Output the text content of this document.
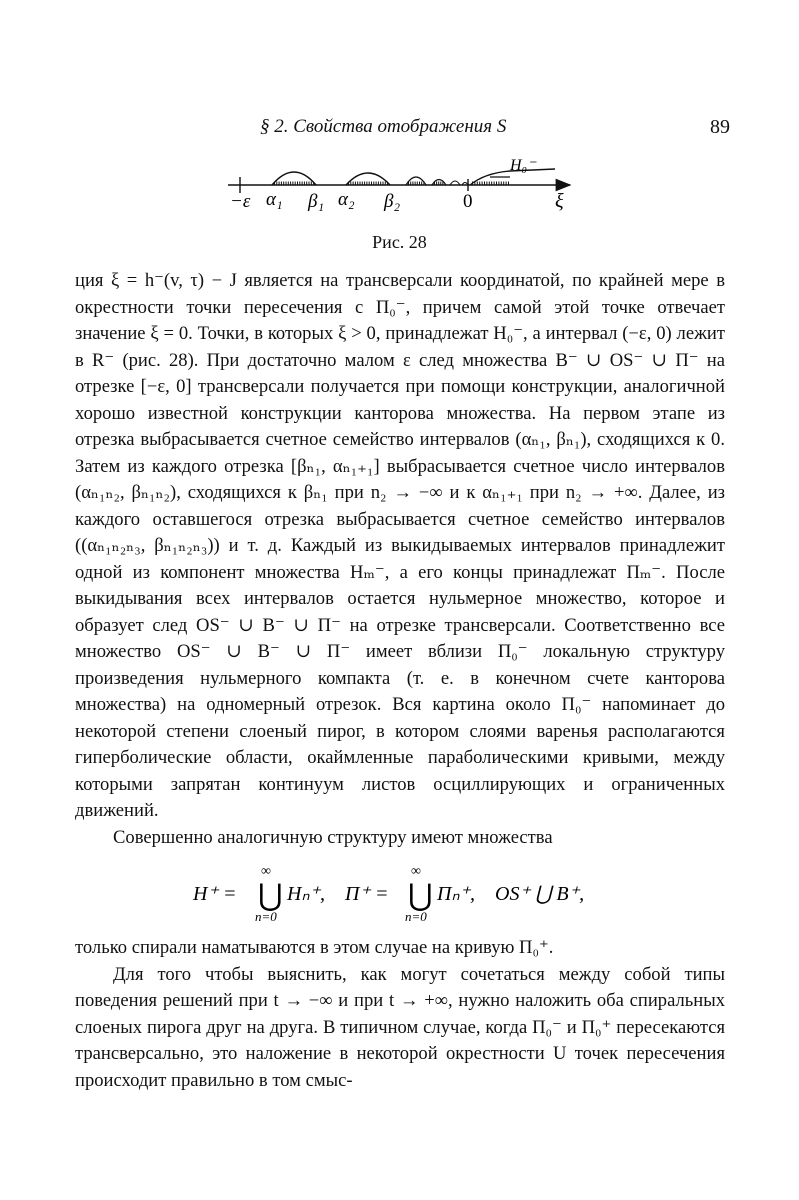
§ 2. Свойства отображения S	89
−ε α₁ β₁ α₂ β₂	0	ξ
H₀⁻
Рис. 28

ция ξ = h⁻(v, τ) − J является на трансверсали координатой, по крайней мере в окрестности точки пересечения с Π₀⁻, причем самой этой точке отвечает значение ξ = 0. Точки, в которых ξ > 0, принадлежат H₀⁻, а интервал (−ε, 0) лежит в R⁻ (рис. 28). При достаточно малом ε след множества B⁻ ∪ OS⁻ ∪ Π⁻ на отрезке [−ε, 0] трансверсали получается при помощи конструкции, аналогичной хорошо известной конструкции канторова множества. На первом этапе из отрезка выбрасывается счетное семейство интервалов (αₙ₁, βₙ₁), сходящихся к 0. Затем из каждого отрезка [βₙ₁, αₙ₁₊₁] выбрасывается счетное число интервалов (αₙ₁ₙ₂, βₙ₁ₙ₂), сходящихся к βₙ₁ при n₂ → −∞ и к αₙ₁₊₁ при n₂ → +∞. Далее, из каждого оставшегося отрезка выбрасывается счетное семейство интервалов ((αₙ₁ₙ₂ₙ₃, βₙ₁ₙ₂ₙ₃)) и т. д. Каждый из выкидываемых интервалов принадлежит одной из компонент множества Hₘ⁻, а его концы принадлежат Πₘ⁻. После выкидывания всех интервалов остается нульмерное множество, которое и образует след OS⁻ ∪ B⁻ ∪ Π⁻ на отрезке трансверсали. Соответственно все множество OS⁻ ∪ B⁻ ∪ Π⁻ имеет вблизи Π₀⁻ локальную структуру произведения нульмерного компакта (т. е. в конечном счете канторова множества) на одномерный отрезок. Вся картина около Π₀⁻ напоминает до некоторой степени слоеный пирог, в котором слоями варенья располагаются гиперболические области, окаймленные параболическими кривыми, между которыми запрятан континуум листов осциллирующих и ограниченных движений.

Совершенно аналогичную структуру имеют множества

H⁺ =	Hₙ⁺, Π⁺ = Πₙ⁺, OS⁺ ⋃ B⁺,
⋃
∞
n=0
⋃
∞
n=0

только спирали наматываются в этом случае на кривую Π₀⁺.

Для того чтобы выяснить, как могут сочетаться между собой типы поведения решений при t → −∞ и при t → +∞, нужно наложить оба спиральных слоеных пирога друг на друга. В типичном случае, когда Π₀⁻ и Π₀⁺ пересекаются трансверсально, это наложение в некоторой окрестности U точек пересечения происходит правильно в том смыс-
